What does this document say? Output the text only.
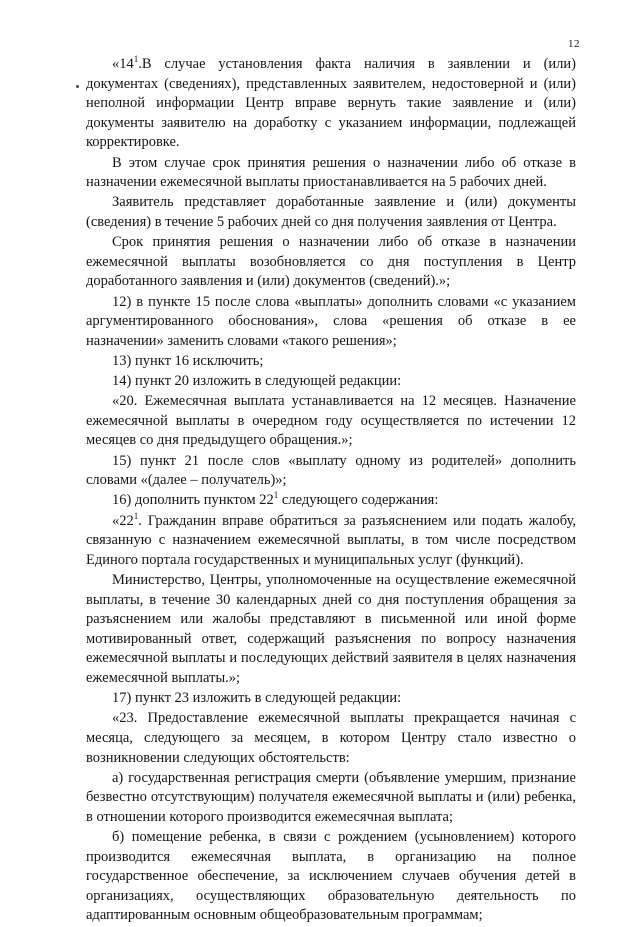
12

«$14^1.В$ случае установления факта наличия в заявлении и (или) документах (сведениях), представленных заявителем, недостоверной и (или) неполной информации Центр вправе вернуть такие заявление и (или) документы заявителю на доработку с указанием информации, подлежащей корректировке.

В этом случае срок принятия решения о назначении либо об отказе в назначении ежемесячной выплаты приостанавливается на 5 рабочих дней.

Заявитель представляет доработанные заявление и (или) документы (сведения) в течение 5 рабочих дней со дня получения заявления от Центра.

Срок принятия решения о назначении либо об отказе в назначении ежемесячной выплаты возобновляется со дня поступления в Центр доработанного заявления и (или) документов (сведений).»;

12) в пункте 15 после слова «выплаты» дополнить словами «с указанием аргументированного обоснования», слова «решения об отказе в ее назначении» заменить словами «такого решения»;

13) пункт 16 исключить;

14) пункт 20 изложить в следующей редакции:

«20. Ежемесячная выплата устанавливается на 12 месяцев. Назначение ежемесячной выплаты в очередном году осуществляется по истечении 12 месяцев со дня предыдущего обращения.»;

15) пункт 21 после слов «выплату одному из родителей» дополнить словами «(далее – получатель)»;

16) дополнить пунктом $22^1$ следующего содержания:

«$22^1$. Гражданин вправе обратиться за разъяснением или подать жалобу, связанную с назначением ежемесячной выплаты, в том числе посредством Единого портала государственных и муниципальных услуг (функций).

Министерство, Центры, уполномоченные на осуществление ежемесячной выплаты, в течение 30 календарных дней со дня поступления обращения за разъяснением или жалобы представляют в письменной или иной форме мотивированный ответ, содержащий разъяснения по вопросу назначения ежемесячной выплаты и последующих действий заявителя в целях назначения ежемесячной выплаты.»;

17) пункт 23 изложить в следующей редакции:

«23. Предоставление ежемесячной выплаты прекращается начиная с месяца, следующего за месяцем, в котором Центру стало известно о возникновении следующих обстоятельств:

а) государственная регистрация смерти (объявление умершим, признание безвестно отсутствующим) получателя ежемесячной выплаты и (или) ребенка, в отношении которого производится ежемесячная выплата;

б) помещение ребенка, в связи с рождением (усыновлением) которого производится ежемесячная выплата, в организацию на полное государственное обеспечение, за исключением случаев обучения детей в организациях, осуществляющих образовательную деятельность по адаптированным основным общеобразовательным программам;
